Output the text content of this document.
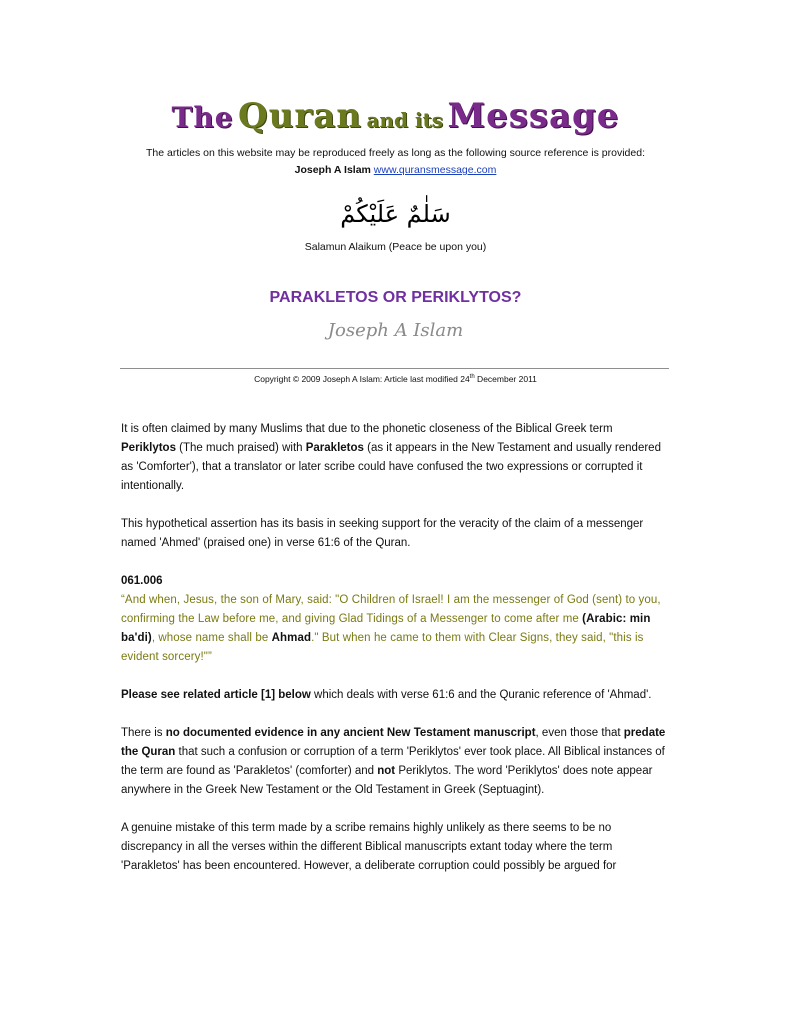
The Quran and its Message
The articles on this website may be reproduced freely as long as the following source reference is provided:
Joseph A Islam www.quransmessage.com
سَلٰمٌ عَلَيْكُمْ
Salamun Alaikum (Peace be upon you)
PARAKLETOS OR PERIKLYTOS?
Joseph A Islam
Copyright © 2009 Joseph A Islam: Article last modified 24th December 2011

It is often claimed by many Muslims that due to the phonetic closeness of the Biblical Greek term Periklytos (The much praised) with Parakletos (as it appears in the New Testament and usually rendered as 'Comforter'), that a translator or later scribe could have confused the two expressions or corrupted it intentionally.

This hypothetical assertion has its basis in seeking support for the veracity of the claim of a messenger named 'Ahmed' (praised one) in verse 61:6 of the Quran.

061.006

“And when, Jesus, the son of Mary, said: "O Children of Israel! I am the messenger of God (sent) to you, confirming the Law before me, and giving Glad Tidings of a Messenger to come after me (Arabic: min ba'di), whose name shall be Ahmad." But when he came to them with Clear Signs, they said, "this is evident sorcery!"”

Please see related article [1] below which deals with verse 61:6 and the Quranic reference of 'Ahmad'.

There is no documented evidence in any ancient New Testament manuscript, even those that predate the Quran that such a confusion or corruption of a term 'Periklytos' ever took place. All Biblical instances of the term are found as 'Parakletos' (comforter) and not Periklytos. The word 'Periklytos' does note appear anywhere in the Greek New Testament or the Old Testament in Greek (Septuagint).

A genuine mistake of this term made by a scribe remains highly unlikely as there seems to be no discrepancy in all the verses within the different Biblical manuscripts extant today where the term 'Parakletos' has been encountered. However, a deliberate corruption could possibly be argued for
